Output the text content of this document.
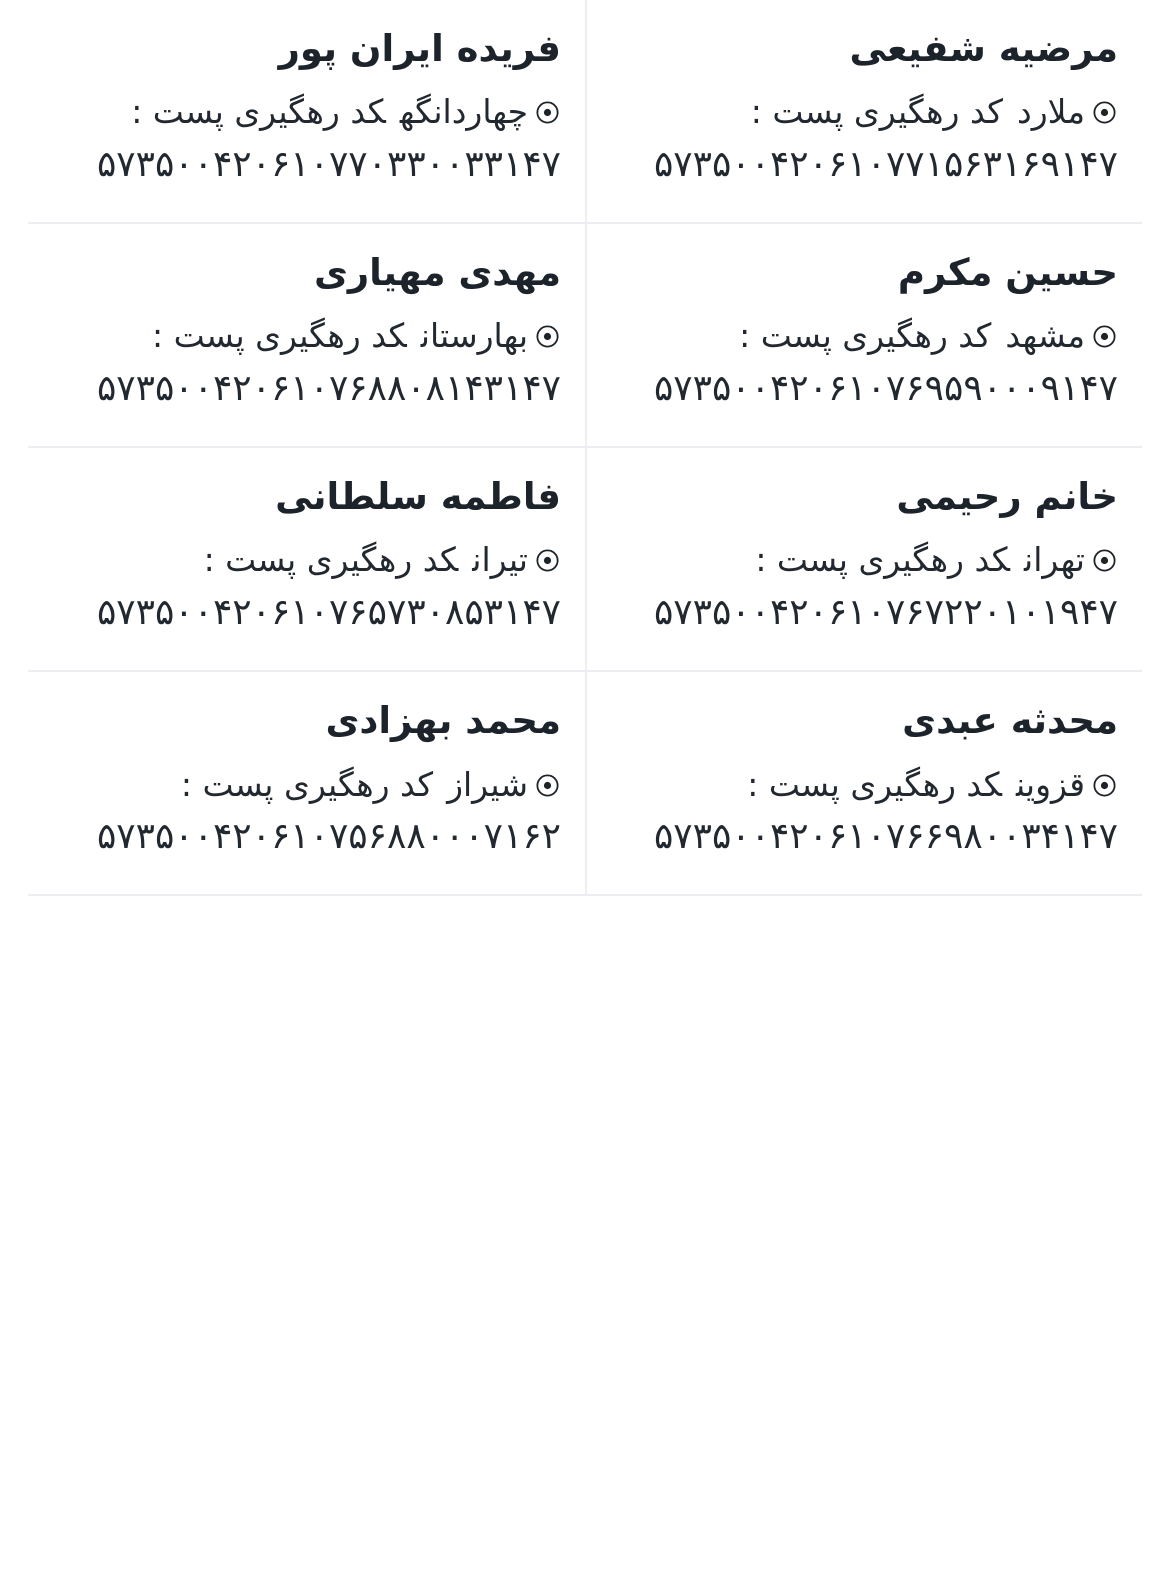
مرضیه شفیعی
ملاردکد رهگیری پست :
۵۷۳۵۰۰۴۲۰۶۱۰۷۷۱۵۶۳۱۶۹۱۴۷
فریده ایران پور
چهاردانگهکد رهگیری پست :
۵۷۳۵۰۰۴۲۰۶۱۰۷۷۰۳۳۰۰۳۳۱۴۷
حسین مکرم
مشهدکد رهگیری پست :
۵۷۳۵۰۰۴۲۰۶۱۰۷۶۹۵۹۰۰۰۹۱۴۷
مهدی مهیاری
بهارستانکد رهگیری پست :
۵۷۳۵۰۰۴۲۰۶۱۰۷۶۸۸۰۸۱۴۳۱۴۷
خانم رحیمی
تهرانکد رهگیری پست :
۵۷۳۵۰۰۴۲۰۶۱۰۷۶۷۲۲۰۱۰۱۹۴۷
فاطمه سلطانی
تیرانکد رهگیری پست :
۵۷۳۵۰۰۴۲۰۶۱۰۷۶۵۷۳۰۸۵۳۱۴۷
محدثه عبدی
قزوینکد رهگیری پست :
۵۷۳۵۰۰۴۲۰۶۱۰۷۶۶۹۸۰۰۳۴۱۴۷
محمد بهزادی
شیرازکد رهگیری پست :
۵۷۳۵۰۰۴۲۰۶۱۰۷۵۶۸۸۰۰۰۷۱۶۲
